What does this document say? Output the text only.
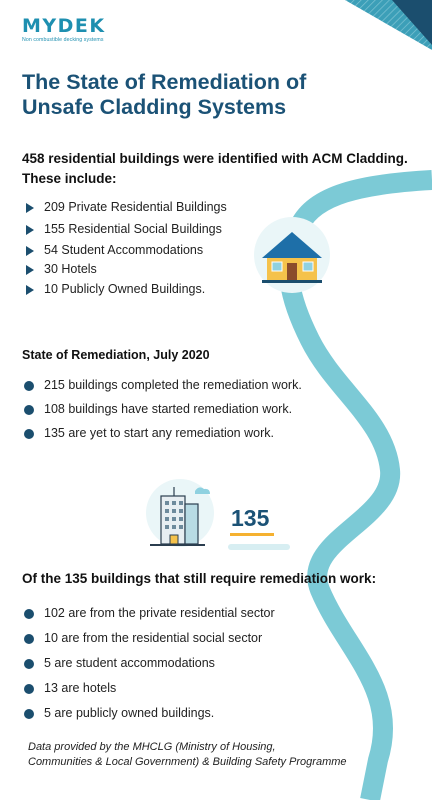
MYDEK
Non combustible decking systems
The State of Remediation of
Unsafe Cladding Systems
458 residential buildings were identified with ACM Cladding.
These include:
209 Private Residential Buildings
155 Residential Social Buildings
54 Student Accommodations
30 Hotels
10 Publicly Owned Buildings.
State of Remediation, July 2020
215 buildings completed the remediation work.
108 buildings have started remediation work.
135 are yet to start any remediation work.
135
Of the 135 buildings that still require remediation work:
102 are from the private residential sector
10 are from the residential social sector
5 are student accommodations
13 are hotels
5 are publicly owned buildings.
Data provided by the MHCLG (Ministry of Housing,
Communities & Local Government) & Building Safety Programme
